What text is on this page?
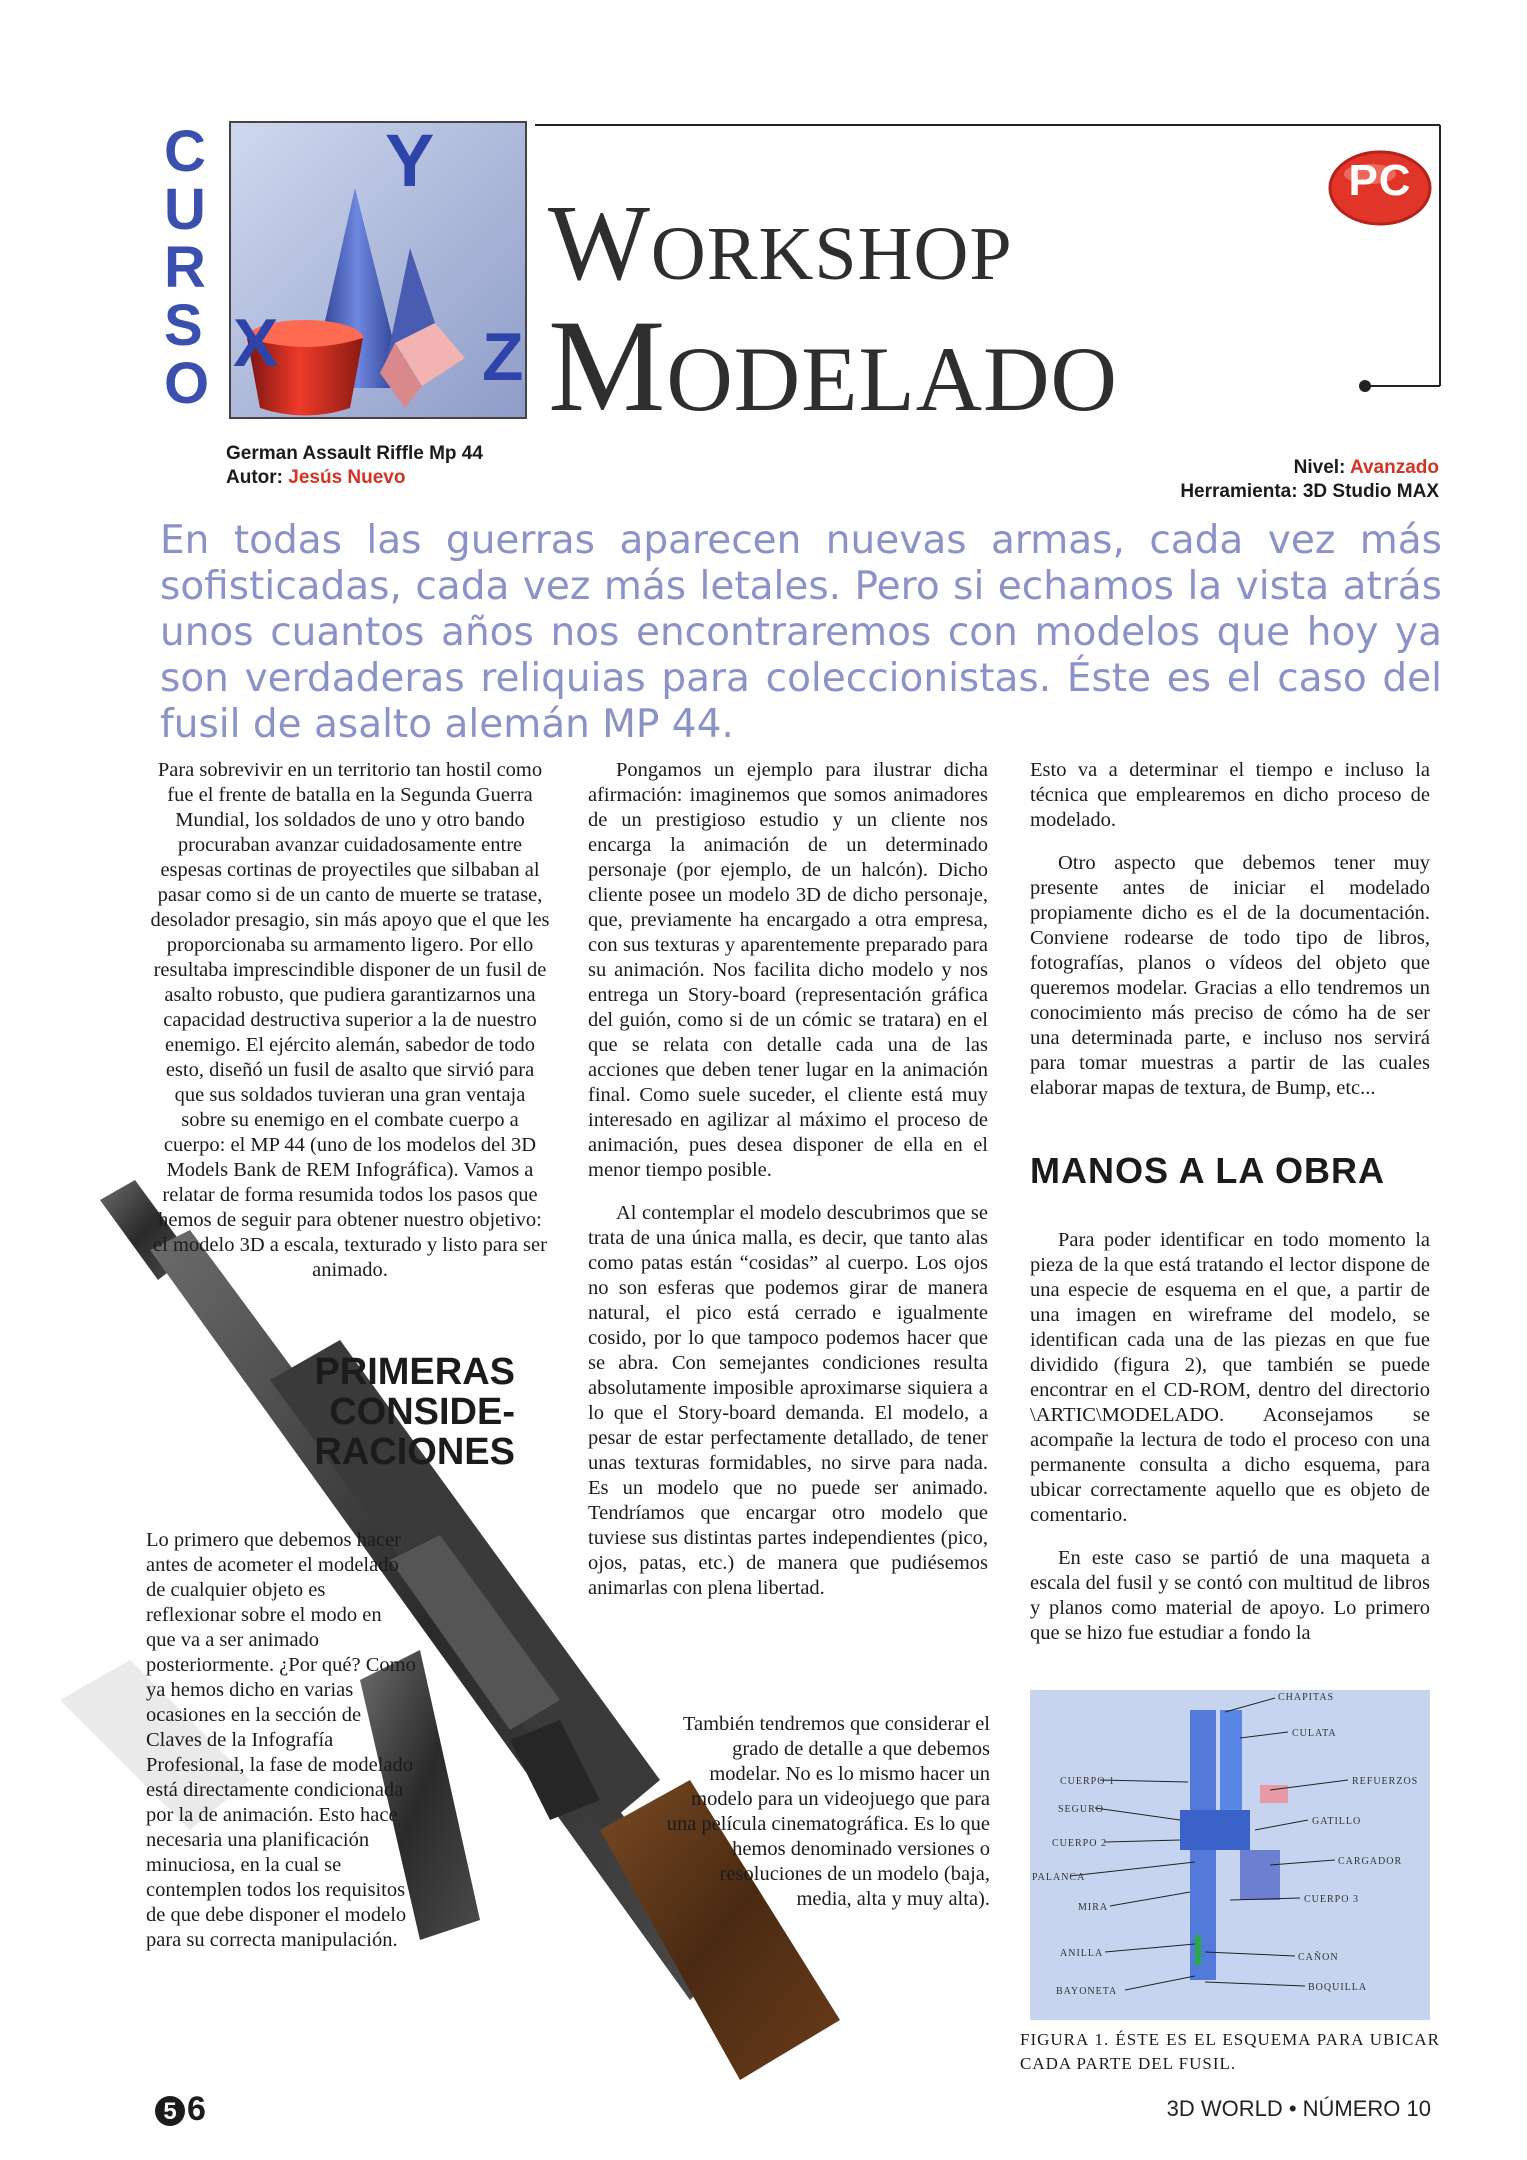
C
U
R
S
O
Y
X	Z
PC
Workshop
Modelado
German Assault Riffle Mp 44
Autor: Jesús Nuevo	Nivel: Avanzado
Herramienta: 3D Studio MAX
En todas las guerras aparecen nuevas armas, cada vez más sofisticadas, cada vez más letales. Pero si echamos la vista atrás unos cuantos años nos encontraremos con modelos que hoy ya son verdaderas reliquias para coleccionistas. Éste es el caso del fusil de asalto alemán MP 44.

Para sobrevivir en un territorio tan hostil como fue el frente de batalla en la Segunda Guerra Mundial, los soldados de uno y otro bando procuraban avanzar cuidadosamente entre espesas cortinas de proyectiles que silbaban al pasar como si de un canto de muerte se tratase, desolador presagio, sin más apoyo que el que les proporcionaba su armamento ligero. Por ello resultaba imprescindible disponer de un fusil de asalto robusto, que pudiera garantizarnos una capacidad destructiva superior a la de nuestro enemigo. El ejército alemán, sabedor de todo esto, diseñó un fusil de asalto que sirvió para que sus soldados tuvieran una gran ventaja sobre su enemigo en el combate cuerpo a cuerpo: el MP 44 (uno de los modelos del 3D Models Bank de REM Infográfica). Vamos a relatar de forma resumida todos los pasos que hemos de seguir para obtener nuestro objetivo: el modelo 3D a escala, texturado y listo para ser animado.

PRIMERAS CONSIDE-RACIONES
Lo primero que debemos hacer antes de acometer el modelado de cualquier objeto es reflexionar sobre el modo en que va a ser animado posteriormente. ¿Por qué? Como ya hemos dicho en varias ocasiones en la sección de Claves de la Infografía Profesional, la fase de modelado está directamente condicionada por la de animación. Esto hace necesaria una planificación minuciosa, en la cual se contemplen todos los requisitos de que debe disponer el modelo para su correcta manipulación.

Pongamos un ejemplo para ilustrar dicha afirmación: imaginemos que somos animadores de un prestigioso estudio y un cliente nos encarga la animación de un determinado personaje (por ejemplo, de un halcón). Dicho cliente posee un modelo 3D de dicho personaje, que, previamente ha encargado a otra empresa, con sus texturas y aparentemente preparado para su animación. Nos facilita dicho modelo y nos entrega un Story-board (representación gráfica del guión, como si de un cómic se tratara) en el que se relata con detalle cada una de las acciones que deben tener lugar en la animación final. Como suele suceder, el cliente está muy interesado en agilizar al máximo el proceso de animación, pues desea disponer de ella en el menor tiempo posible.

Al contemplar el modelo descubrimos que se trata de una única malla, es decir, que tanto alas como patas están “cosidas” al cuerpo. Los ojos no son esferas que podemos girar de manera natural, el pico está cerrado e igualmente cosido, por lo que tampoco podemos hacer que se abra. Con semejantes condiciones resulta absolutamente imposible aproximarse siquiera a lo que el Story-board demanda. El modelo, a pesar de estar perfectamente detallado, de tener unas texturas formidables, no sirve para nada. Es un modelo que no puede ser animado. Tendríamos que encargar otro modelo que tuviese sus distintas partes independientes (pico, ojos, patas, etc.) de manera que pudiésemos animarlas con plena libertad.

También tendremos que considerar el grado de detalle a que debemos modelar. No es lo mismo hacer un modelo para un videojuego que para una película cinematográfica. Es lo que hemos denominado versiones o resoluciones de un modelo (baja, media, alta y muy alta).

Esto va a determinar el tiempo e incluso la técnica que emplearemos en dicho proceso de modelado.

Otro aspecto que debemos tener muy presente antes de iniciar el modelado propiamente dicho es el de la documentación. Conviene rodearse de todo tipo de libros, fotografías, planos o vídeos del objeto que queremos modelar. Gracias a ello tendremos un conocimiento más preciso de cómo ha de ser una determinada parte, e incluso nos servirá para tomar muestras a partir de las cuales elaborar mapas de textura, de Bump, etc...

MANOS A LA OBRA

Para poder identificar en todo momento la pieza de la que está tratando el lector dispone de una especie de esquema en el que, a partir de una imagen en wireframe del modelo, se identifican cada una de las piezas en que fue dividido (figura 2), que también se puede encontrar en el CD-ROM, dentro del directorio \ARTIC\MODELADO. Aconsejamos se acompañe la lectura de todo el proceso con una permanente consulta a dicho esquema, para ubicar correctamente aquello que es objeto de comentario.

En este caso se partió de una maqueta a escala del fusil y se contó con multitud de libros y planos como material de apoyo. Lo primero que se hizo fue estudiar a fondo la

CUERPO 1
SEGURO
CUERPO 2
PALANCA
MIRA
ANILLA
BAYONETA
CHAPITAS
CULATA
REFUERZOS
GATILLO
CARGADOR
CUERPO 3
CAÑON
BOQUILLA
FIGURA 1. ÉSTE ES EL ESQUEMA PARA UBICAR CADA PARTE DEL FUSIL.
5 6	3D WORLD • NÚMERO 10
